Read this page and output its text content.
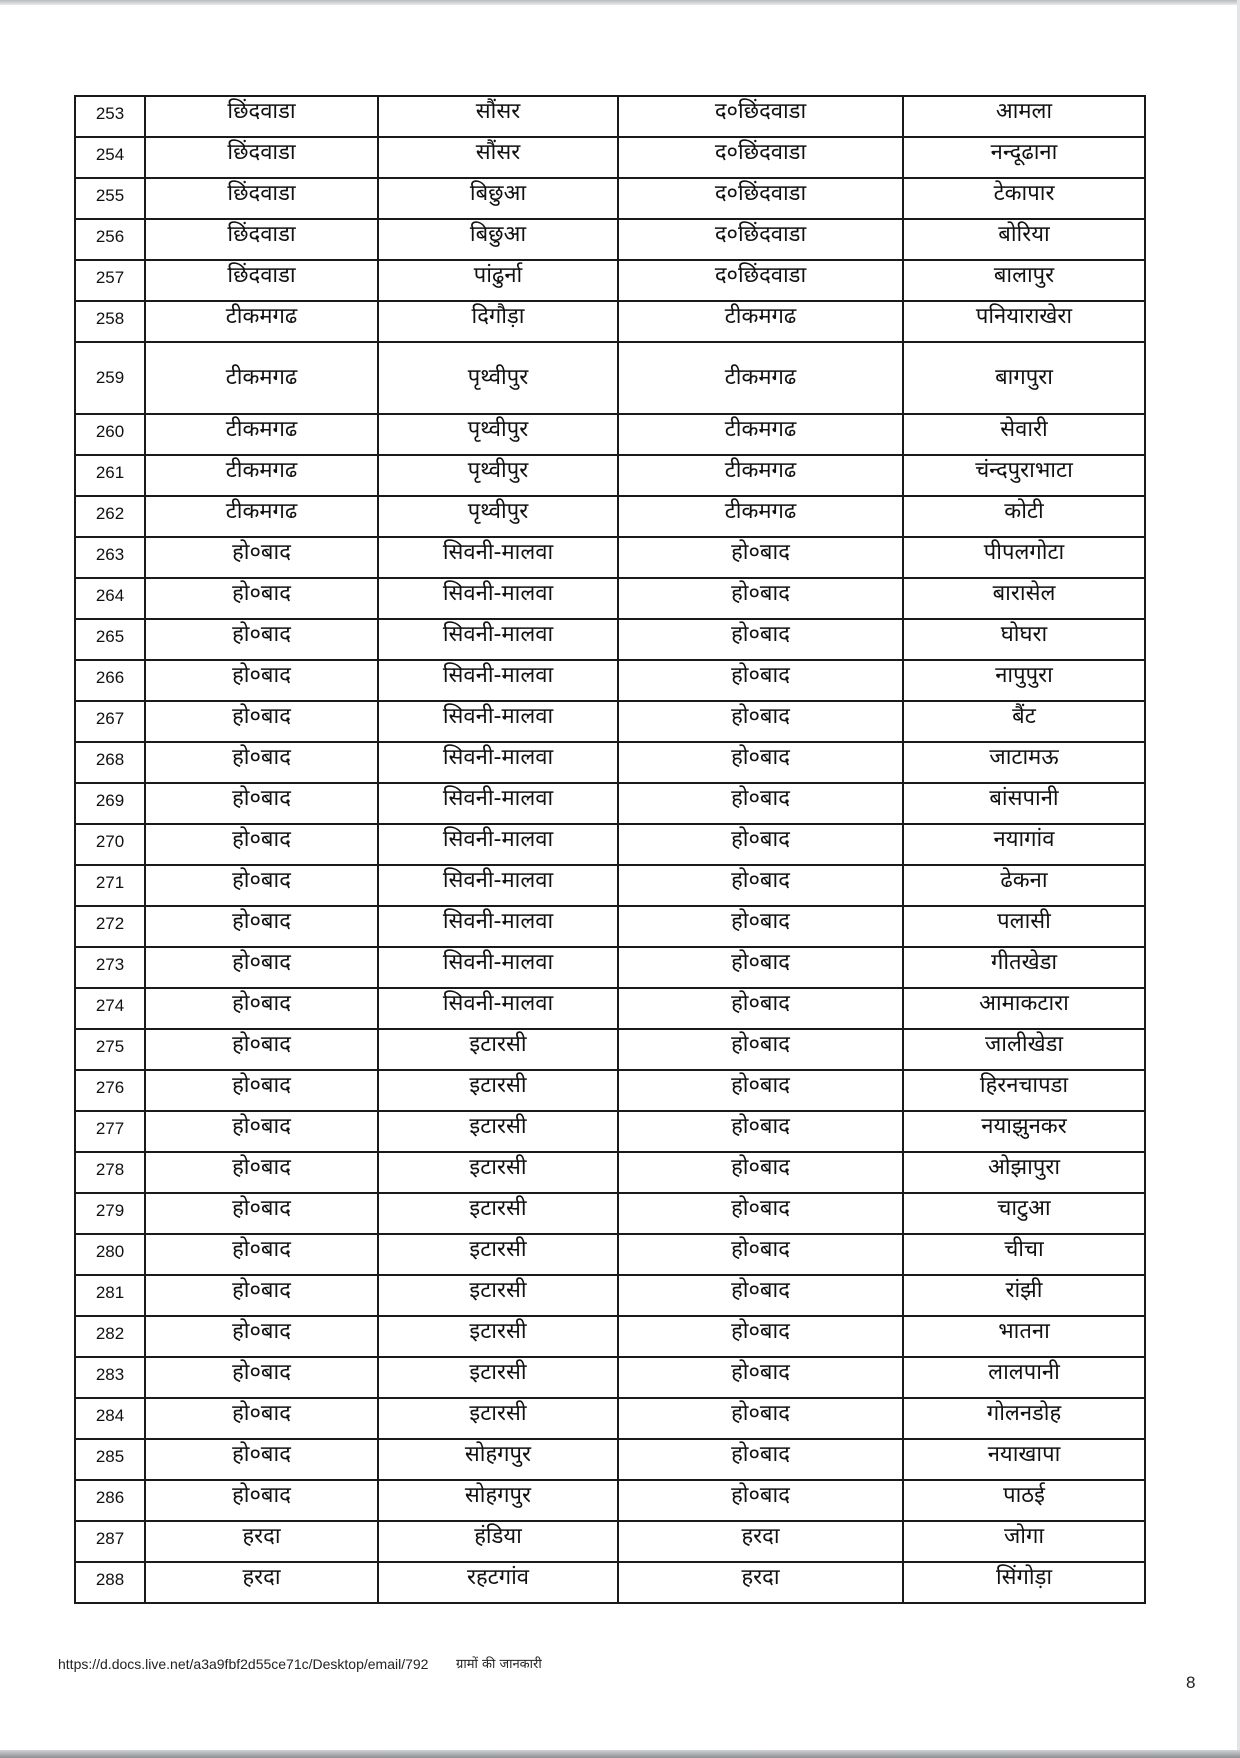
253	छिंदवाडा	सौंसर	द०छिंदवाडा	आमला
254	छिंदवाडा	सौंसर	द०छिंदवाडा	नन्दूढाना
255	छिंदवाडा	बिछुआ	द०छिंदवाडा	टेकापार
256	छिंदवाडा	बिछुआ	द०छिंदवाडा	बोरिया
257	छिंदवाडा	पांढुर्ना	द०छिंदवाडा	बालापुर
258	टीकमगढ	दिगौड़ा	टीकमगढ	पनियाराखेरा
259	टीकमगढ	पृथ्वीपुर	टीकमगढ	बागपुरा
260	टीकमगढ	पृथ्वीपुर	टीकमगढ	सेवारी
261	टीकमगढ	पृथ्वीपुर	टीकमगढ	चंन्दपुराभाटा
262	टीकमगढ	पृथ्वीपुर	टीकमगढ	कोटी
263	हो०बाद	सिवनी-मालवा	हो०बाद	पीपलगोटा
264	हो०बाद	सिवनी-मालवा	हो०बाद	बारासेल
265	हो०बाद	सिवनी-मालवा	हो०बाद	घोघरा
266	हो०बाद	सिवनी-मालवा	हो०बाद	नापुपुरा
267	हो०बाद	सिवनी-मालवा	हो०बाद	बैंट
268	हो०बाद	सिवनी-मालवा	हो०बाद	जाटामऊ
269	हो०बाद	सिवनी-मालवा	हो०बाद	बांसपानी
270	हो०बाद	सिवनी-मालवा	हो०बाद	नयागांव
271	हो०बाद	सिवनी-मालवा	हो०बाद	ढेकना
272	हो०बाद	सिवनी-मालवा	हो०बाद	पलासी
273	हो०बाद	सिवनी-मालवा	हो०बाद	गीतखेडा
274	हो०बाद	सिवनी-मालवा	हो०बाद	आमाकटारा
275	हो०बाद	इटारसी	हो०बाद	जालीखेडा
276	हो०बाद	इटारसी	हो०बाद	हिरनचापडा
277	हो०बाद	इटारसी	हो०बाद	नयाझुनकर
278	हो०बाद	इटारसी	हो०बाद	ओझापुरा
279	हो०बाद	इटारसी	हो०बाद	चाटुआ
280	हो०बाद	इटारसी	हो०बाद	चीचा
281	हो०बाद	इटारसी	हो०बाद	रांझी
282	हो०बाद	इटारसी	हो०बाद	भातना
283	हो०बाद	इटारसी	हो०बाद	लालपानी
284	हो०बाद	इटारसी	हो०बाद	गोलनडोह
285	हो०बाद	सोहगपुर	हो०बाद	नयाखापा
286	हो०बाद	सोहगपुर	हो०बाद	पाठई
287	हरदा	हंडिया	हरदा	जोगा
288	हरदा	रहटगांव	हरदा	सिंगोड़ा
https://d.docs.live.net/a3a9fbf2d55ce71c/Desktop/email/792 ग्रामों की जानकारी
8
